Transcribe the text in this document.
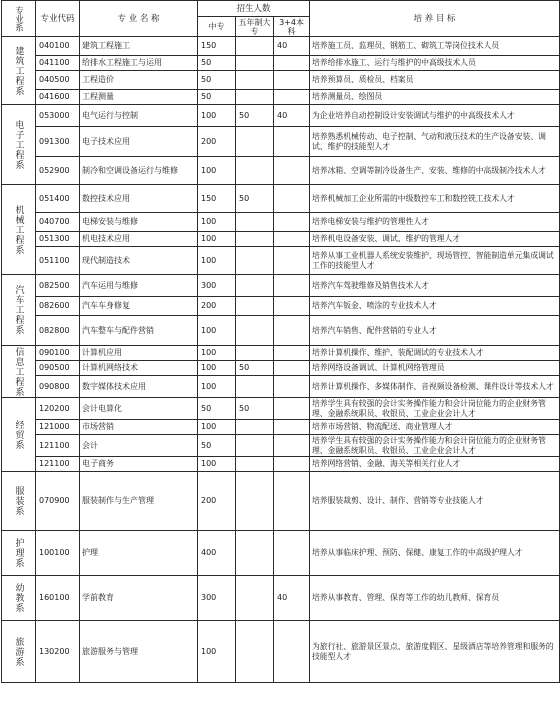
专业系	专业代码	专 业 名 称	招生人数			培 养 目 标
			中专	五年制大专	3+4本科	
建筑工程系	040100	建筑工程施工	150		40	培养施工员、监理员、钢筋工、砌筑工等岗位技术人员
	041100	给排水工程施工与运用	50			培养给排水施工、运行与维护的中高级技术人员
	040500	工程造价	50			培养预算员、质检员、档案员
	041600	工程测量	50			培养测量员、绘图员
电子工程系	053000	电气运行与控制	100	50	40	为企业培养自动控制设计安装调试与维护的中高级技术人才
	091300	电子技术应用	200			培养熟悉机械传动、电子控制、气动和液压技术的生产设备安装、调试、维护的技能型人才
	052900	制冷和空调设备运行与维修	100			培养冰箱、空调等制冷设备生产、安装、维修的中高级制冷技术人才
机械工程系	051400	数控技术应用	150	50		培养机械加工企业所需的中级数控车工和数控铣工技术人才
	040700	电梯安装与维修	100			培养电梯安装与维护的管理性人才
	051300	机电技术应用	100			培养机电设备安装、调试、维护的管理人才
	051100	现代制造技术	100			培养从事工业机器人系统安装维护、现场管控、智能制造单元集成调试工作的技能型人才
汽车工程系	082500	汽车运用与维修	300			培养汽车驾驶维修及销售技术人才
	082600	汽车车身修复	200			培养汽车钣金、喷涂的专业技术人才
	082800	汽车整车与配件营销	100			培养汽车销售、配件营销的专业人才
信息工程系	090100	计算机应用	100			培养计算机操作、维护、装配调试的专业技术人才
	090500	计算机网络技术	100	50		培养网络设备调试、计算机网络管理员
	090800	数字媒体技术应用	100			培养计算机操作、多媒体制作、音视频设备检测、课件设计等技术人才
经贸系	120200	会计电算化	50	50		培养学生具有较强的会计实务操作能力和会计岗位能力的企业财务管理、金融系统职员、收银员、工业企业会计人才
	121000	市场营销	100			培养市场营销、物流配送、商业管理人才
	121100	会计	50			培养学生具有较强的会计实务操作能力和会计岗位能力的企业财务管理、金融系统职员、收银员、工业企业会计人才
	121100	电子商务	100			培养网络营销、金融、海关等相关行业人才
服装系	070900	服装制作与生产管理	200			培养服装裁剪、设计、制作、营销等专业技能人才
护理系	100100	护理	400			培养从事临床护理、预防、保健、康复工作的中高级护理人才
幼教系	160100	学前教育	300		40	培养从事教育、管理、保育等工作的幼儿教师、保育员
旅游系	130200	旅游服务与管理	100			为旅行社、旅游景区景点、旅游度假区、星级酒店等培养管理和服务的技能型人才
